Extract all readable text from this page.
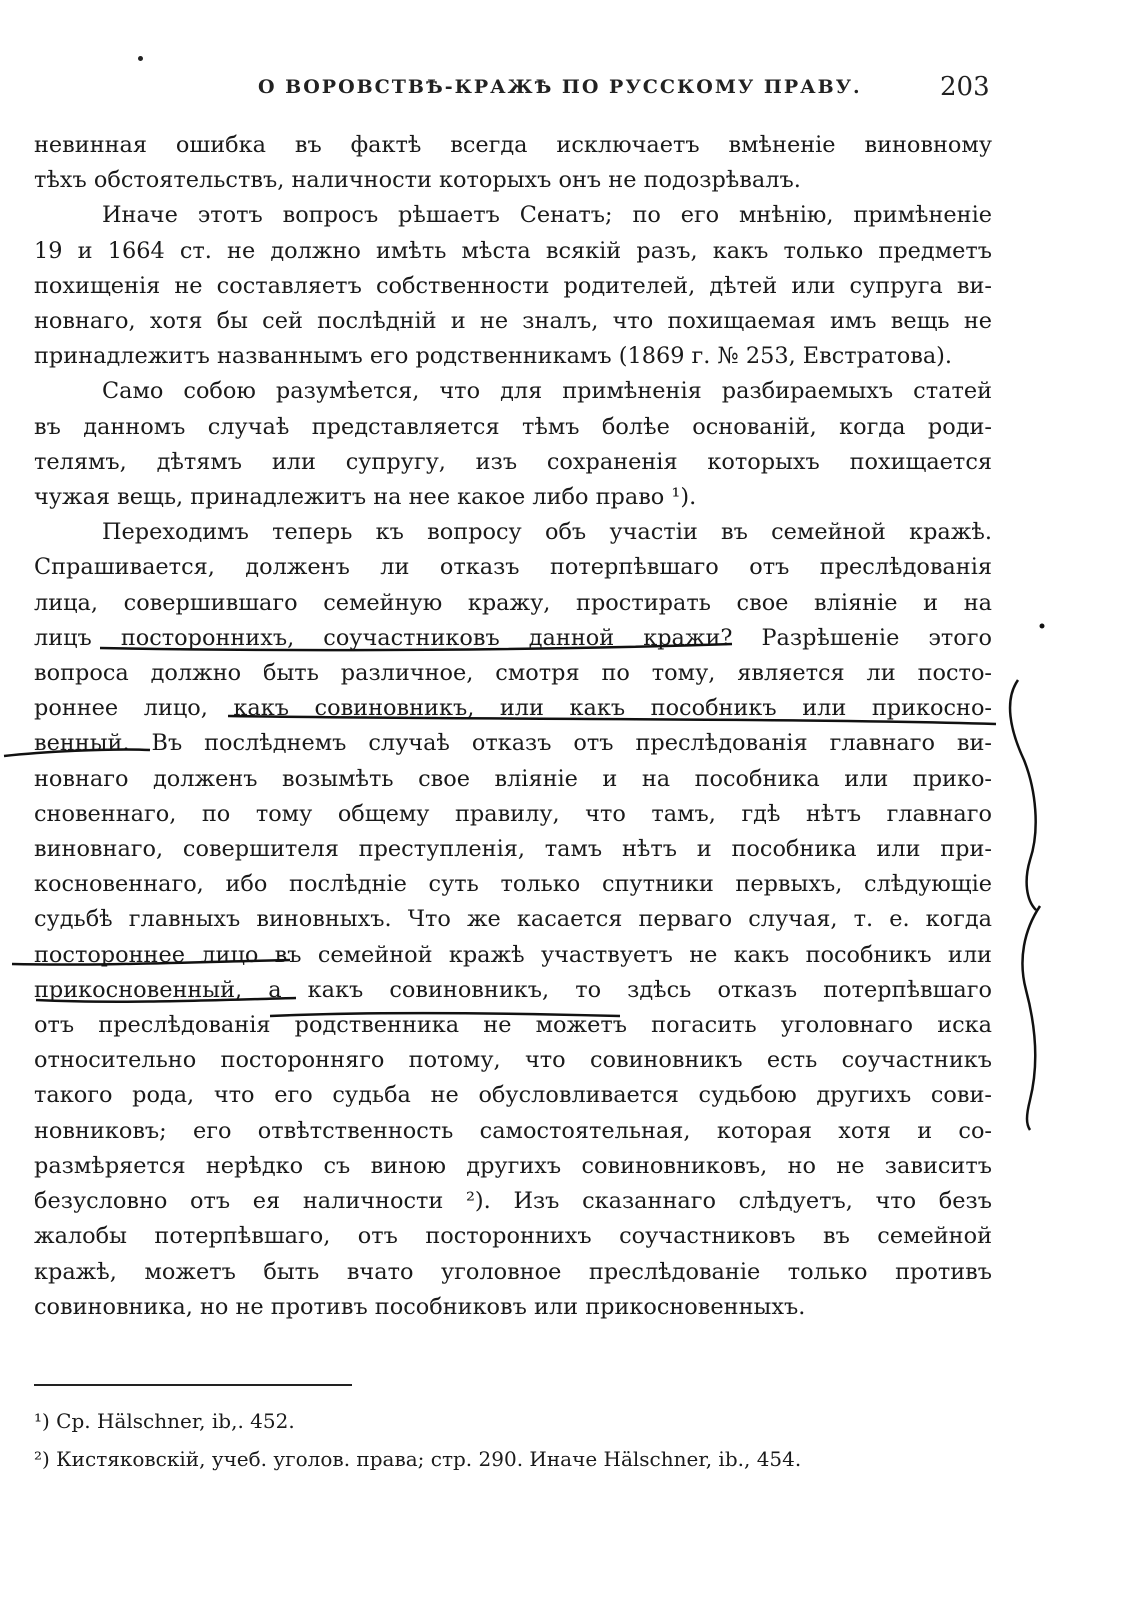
О ВОРОВСТВѢ-КРАЖѢ ПО РУССКОМУ ПРАВУ.	203
невинная ошибка въ фактѣ всегда исключаетъ вмѣненіе виновному
тѣхъ обстоятельствъ, наличности которыхъ онъ не подозрѣвалъ.
Иначе этотъ вопросъ рѣшаетъ Сенатъ; по его мнѣнію, примѣненіе
19 и 1664 ст. не должно имѣть мѣста всякій разъ, какъ только предметъ
похищенія не составляетъ собственности родителей, дѣтей или супруга ви-
новнаго, хотя бы сей послѣдній и не зналъ, что похищаемая имъ вещь не
принадлежитъ названнымъ его родственникамъ (1869 г. № 253, Евстратова).
Само собою разумѣется, что для примѣненія разбираемыхъ статей
въ данномъ случаѣ представляется тѣмъ болѣе основаній, когда роди-
телямъ, дѣтямъ или супругу, изъ сохраненія которыхъ похищается
чужая вещь, принадлежитъ на нее какое либо право ¹).
Переходимъ теперь къ вопросу объ участіи въ семейной кражѣ.
Спрашивается, долженъ ли отказъ потерпѣвшаго отъ преслѣдованія
лица, совершившаго семейную кражу, простирать свое вліяніе и на
лицъ постороннихъ, соучастниковъ данной кражи? Разрѣшеніе этого
вопроса должно быть различное, смотря по тому, является ли посто-
роннее лицо, какъ совиновникъ, или какъ пособникъ или прикосно-
венный. Въ послѣднемъ случаѣ отказъ отъ преслѣдованія главнаго ви-
новнаго долженъ возымѣть свое вліяніе и на пособника или прико-
сновеннаго, по тому общему правилу, что тамъ, гдѣ нѣтъ главнаго
виновнаго, совершителя преступленія, тамъ нѣтъ и пособника или при-
косновеннаго, ибо послѣдніе суть только спутники первыхъ, слѣдующіе
судьбѣ главныхъ виновныхъ. Что же касается перваго случая, т. е. когда
постороннее лицо въ семейной кражѣ участвуетъ не какъ пособникъ или
прикосновенный, а какъ совиновникъ, то здѣсь отказъ потерпѣвшаго
отъ преслѣдованія родственника не можетъ погасить уголовнаго иска
относительно посторонняго потому, что совиновникъ есть соучастникъ
такого рода, что его судьба не обусловливается судьбою другихъ сови-
новниковъ; его отвѣтственность самостоятельная, которая хотя и со-
размѣряется нерѣдко съ виною другихъ совиновниковъ, но не зависитъ
безусловно отъ ея наличности ²). Изъ сказаннаго слѣдуетъ, что безъ
жалобы потерпѣвшаго, отъ постороннихъ соучастниковъ въ семейной
кражѣ, можетъ быть вчато уголовное преслѣдованіе только противъ
совиновника, но не противъ пособниковъ или прикосновенныхъ.
¹) Ср. Hälschner, ib,. 452.
²) Кистяковскій, учеб. уголов. права; стр. 290. Иначе Hälschner, ib., 454.
